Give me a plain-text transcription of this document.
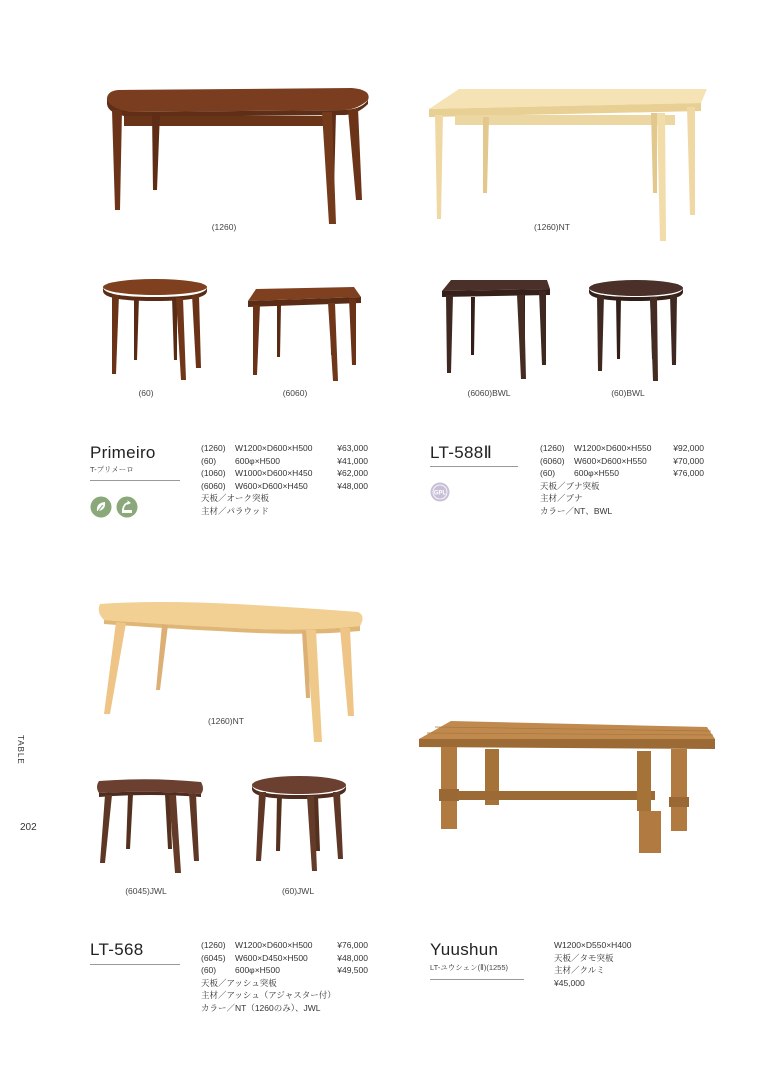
TABLE
202
(1260)
(60)	(6060)
(1260)NT
(6060)BWL	(60)BWL
Primeiro
T-プリメーロ
(1260)	W1200×D600×H500	¥63,000
(60)	600φ×H500	¥41,000
(1060)	W1000×D600×H450	¥62,000
(6060)	W600×D600×H450	¥48,000
天板／オーク突板
主材／パラウッド
LT-588Ⅱ
GPL
(1260)	W1200×D600×H550	¥92,000
(6060)	W600×D600×H550	¥70,000
(60)	600φ×H550	¥76,000
天板／ブナ突板
主材／ブナ
カラー／NT、BWL
(1260)NT
(6045)JWL	(60)JWL
LT-568	(1260)	W1200×D600×H500	¥76,000
(6045)	W600×D450×H500	¥48,000
(60)	600φ×H500	¥49,500
天板／アッシュ突板
主材／アッシュ（アジャスター付）
カラー／NT（1260のみ）、JWL
Yuushun
LT-ユウシェン(Ⅱ)(1255)
W1200×D550×H400
天板／タモ突板
主材／クルミ
¥45,000
